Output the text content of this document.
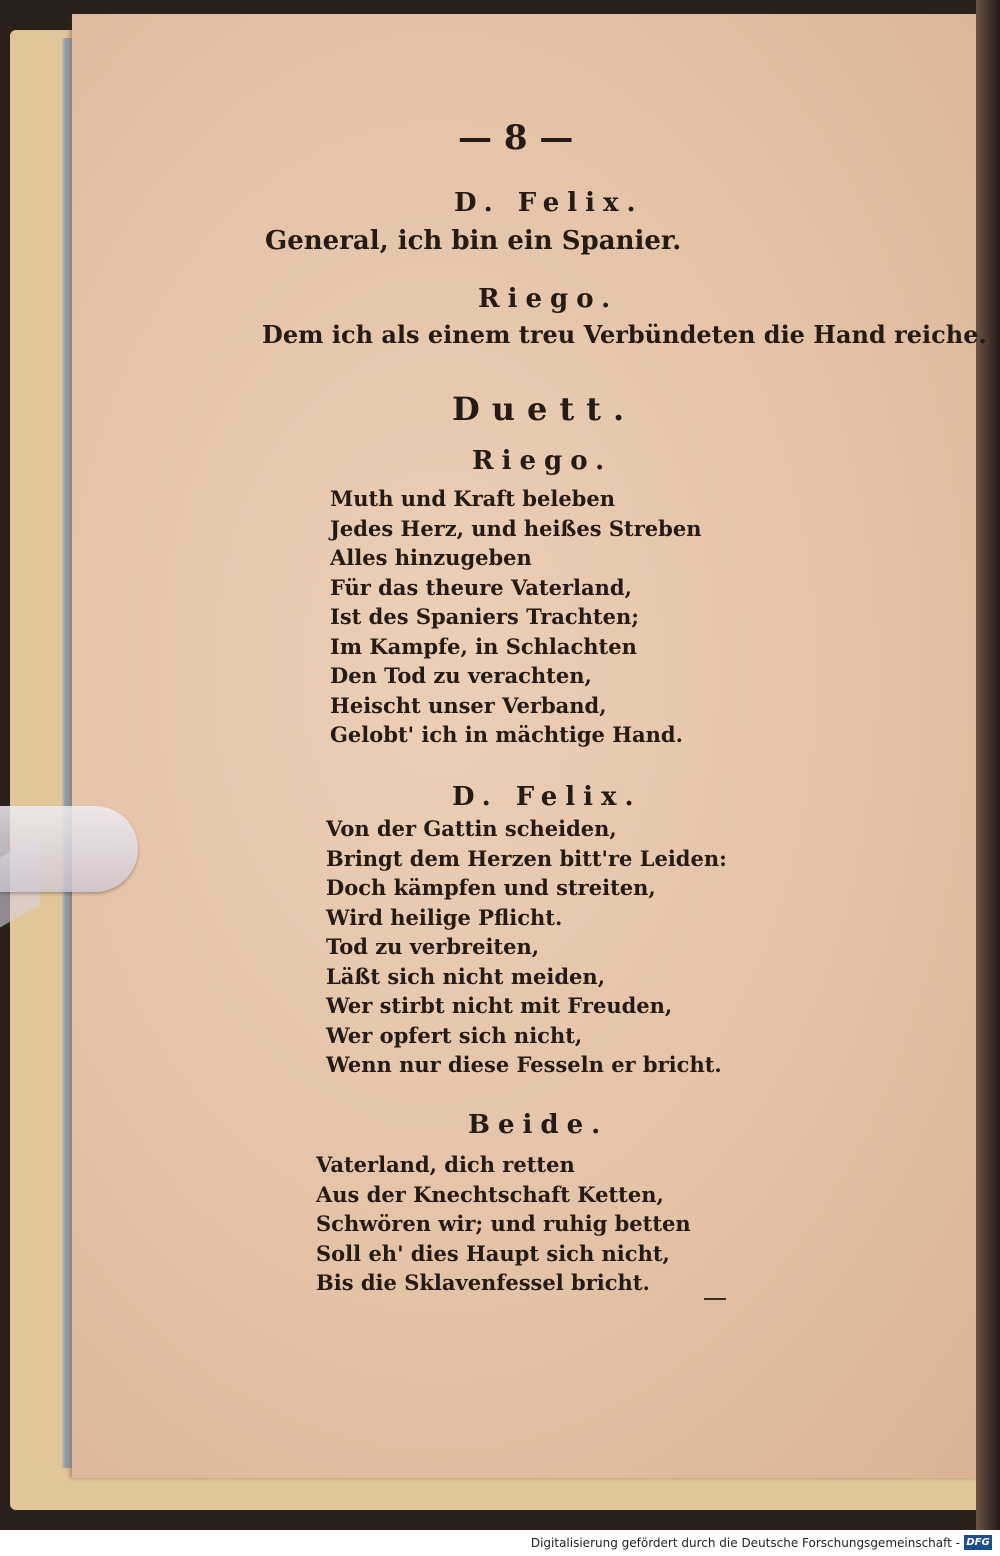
— 8 —
D. Felix.
General, ich bin ein Spanier.
Riego.
Dem ich als einem treu Verbündeten die Hand reiche.
Duett.
Riego.
Muth und Kraft beleben
Jedes Herz, und heißes Streben
Alles hinzugeben
Für das theure Vaterland,
Ist des Spaniers Trachten;
Im Kampfe, in Schlachten
Den Tod zu verachten,
Heischt unser Verband,
Gelobt' ich in mächtige Hand.
D. Felix.
Von der Gattin scheiden,
Bringt dem Herzen bitt're Leiden:
Doch kämpfen und streiten,
Wird heilige Pflicht.
Tod zu verbreiten,
Läßt sich nicht meiden,
Wer stirbt nicht mit Freuden,
Wer opfert sich nicht,
Wenn nur diese Fesseln er bricht.
Beide.
Vaterland, dich retten
Aus der Knechtschaft Ketten,
Schwören wir; und ruhig betten
Soll eh' dies Haupt sich nicht,
Bis die Sklavenfessel bricht.
Digitalisierung gefördert durch die Deutsche Forschungsgemeinschaft - DFG
